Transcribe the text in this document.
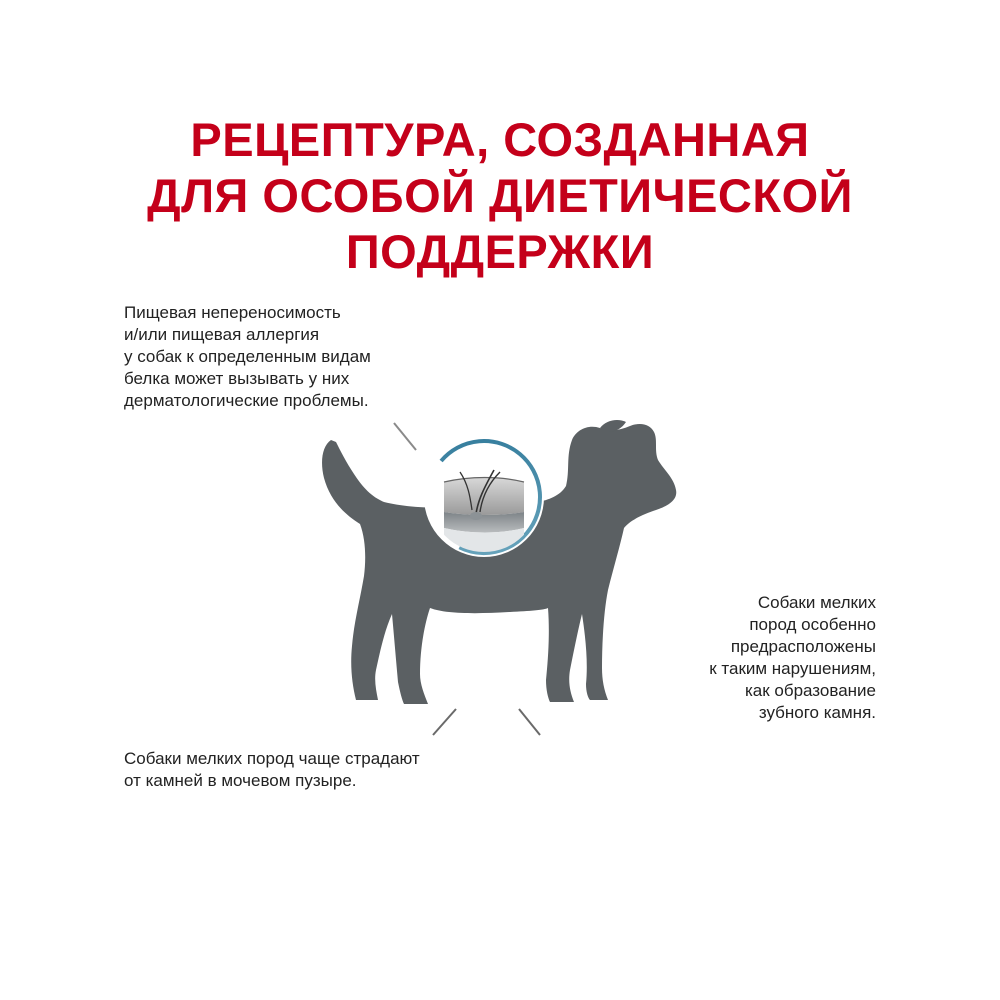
РЕЦЕПТУРА, СОЗДАННАЯ
ДЛЯ ОСОБОЙ ДИЕТИЧЕСКОЙ
ПОДДЕРЖКИ
Пищевая непереносимость
и/или пищевая аллергия
у собак к определенным видам
белка может вызывать у них
дерматологические проблемы.
Собаки мелких
пород особенно
предрасположены
к таким нарушениям,
как образование
зубного камня.
Собаки мелких пород чаще страдают
от камней в мочевом пузыре.
